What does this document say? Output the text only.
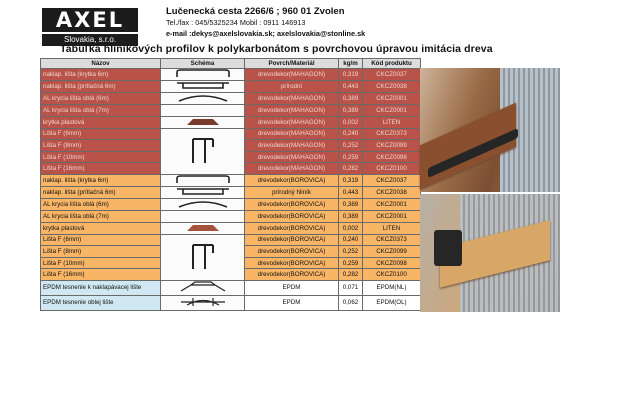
AXEL
Slovakia, s.r.o.
Lučenecká cesta 2266/6 ; 960 01 Zvolen
Tel./fax : 045/5325234 Mobil : 0911 146913
e-mail :dekys@axelslovakia.sk; axelslovakia@stonline.sk
Tabuľka hliníkových profilov k polykarbonátom s povrchovou úpravou imitácia dreva
Názov	Schéma	Povrch/Materiál	kg/m	Kód produktu
naklap. lišta (krytka 6m)		drevodekor(MAHAGON)	0,319	CKCZ0037
naklap. lišta (prítlačná 6m)		prírodní	0,443	CKCZ0038
AL krycia lišta oblá (6m)		drevodekor(MAHAGON)	0,389	CKCZ0001
AL krycia lišta oblá (7m)		drevodekor(MAHAGON)	0,389	CKCZ0001
krytka plastová		drevodekor(MAHAGON)	0,002	LITEN
Lišta F (6mm)		drevodekor(MAHAGON)	0,240	CKCZ0373
Lišta F (8mm)		drevodekor(MAHAGON)	0,252	CKCZ0099
Lišta F (10mm)		drevodekor(MAHAGON)	0,259	CKCZ0098
Lišta F (16mm)		drevodekor(MAHAGON)	0,282	CKCZ0100
naklap. lišta (krytka 6m)		drevodekor(BOROVICA)	0,319	CKCZ0037
naklap. lišta (prítlačná 6m)		prírodný hliník	0,443	CKCZ0038
AL krycia lišta oblá (6m)		drevodekor(BOROVICA)	0,389	CKCZ0001
AL krycia lišta oblá (7m)		drevodekor(BOROVICA)	0,389	CKCZ0001
krytka plastová		drevodekor(BOROVICA)	0,002	LITEN
Lišta F (6mm)		drevodekor(BOROVICA)	0,240	CKCZ0373
Lišta F (8mm)		drevodekor(BOROVICA)	0,252	CKCZ0099
Lišta F (10mm)		drevodekor(BOROVICA)	0,259	CKCZ0098
Lišta F (16mm)		drevodekor(BOROVICA)	0,282	CKCZ0100
EPDM tesnenie k naklapávacej lište		EPDM	0,071	EPDM(NL)
EPDM tesnenie oblej lište		EPDM	0,062	EPDM(OL)
